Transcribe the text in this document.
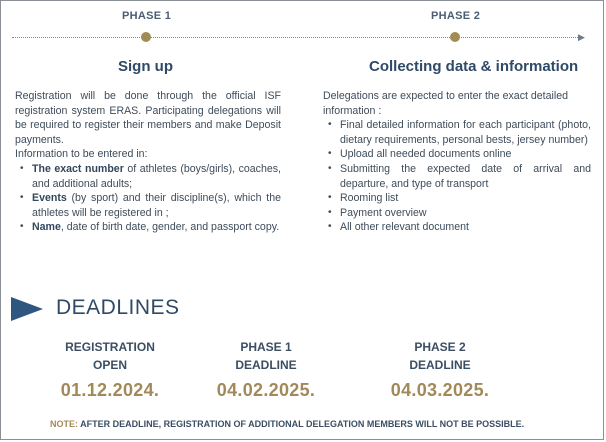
PHASE 1	PHASE 2
▶
Sign up

Registration will be done through the official ISF registration system ERAS. Participating delegations will be required to register their members and make Deposit payments.

Information to be entered in:

• The exact number of athletes (boys/girls), coaches, and additional adults;
• Events (by sport) and their discipline(s), which the athletes will be registered in ;
• Name, date of birth date, gender, and passport copy.
Collecting data & information

Delegations are expected to enter the exact detailed information :

• Final detailed information for each participant (photo, dietary requirements, personal bests, jersey number)
• Upload all needed documents online
• Submitting the expected date of arrival and departure, and type of transport
• Rooming list
• Payment overview
• All other relevant document
DEADLINES
REGISTRATION
OPEN
01.12.2024.
PHASE 1
DEADLINE
04.02.2025.
PHASE 2
DEADLINE
04.03.2025.
NOTE: AFTER DEADLINE, REGISTRATION OF ADDITIONAL DELEGATION MEMBERS WILL NOT BE POSSIBLE.
